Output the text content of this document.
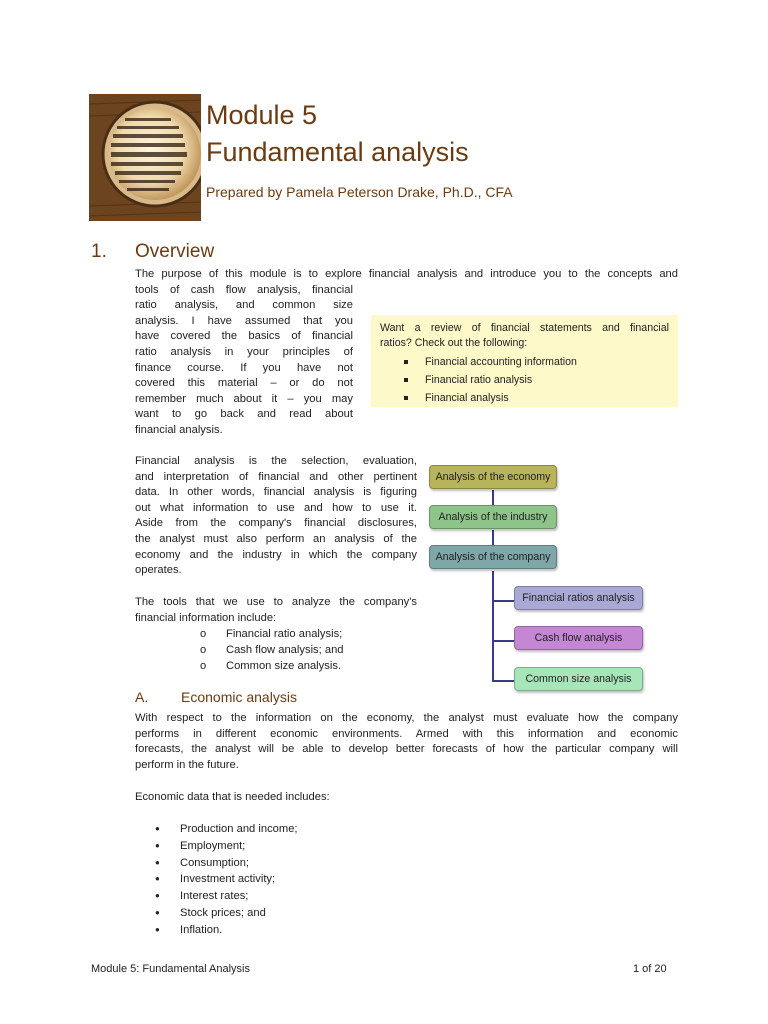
Module 5
Fundamental analysis
Prepared by Pamela Peterson Drake, Ph.D., CFA
1. Overview
The purpose of this module is to explore financial analysis and introduce you to the concepts and
tools of cash flow analysis, financial
ratio analysis, and common size
analysis. I have assumed that you
have covered the basics of financial
ratio analysis in your principles of
finance course. If you have not
covered this material – or do not
remember much about it – you may
want to go back and read about
financial analysis.
Want a review of financial statements and financial
ratios? Check out the following:
Financial accounting information
Financial ratio analysis
Financial analysis
Financial analysis is the selection, evaluation,
and interpretation of financial and other pertinent
data. In other words, financial analysis is figuring
out what information to use and how to use it.
Aside from the company's financial disclosures,
the analyst must also perform an analysis of the
economy and the industry in which the company
operates.
The tools that we use to analyze the company's
financial information include:
o Financial ratio analysis;
o Cash flow analysis; and
o Common size analysis.
Analysis of the economy
Analysis of the industry
Analysis of the company
Financial ratios analysis
Cash flow analysis
Common size analysis
A. Economic analysis
With respect to the information on the economy, the analyst must evaluate how the company
performs in different economic environments. Armed with this information and economic
forecasts, the analyst will be able to develop better forecasts of how the particular company will
perform in the future.
Economic data that is needed includes:
● Production and income;
● Employment;
● Consumption;
● Investment activity;
● Interest rates;
● Stock prices; and
● Inflation.
Module 5: Fundamental Analysis	1 of 20
